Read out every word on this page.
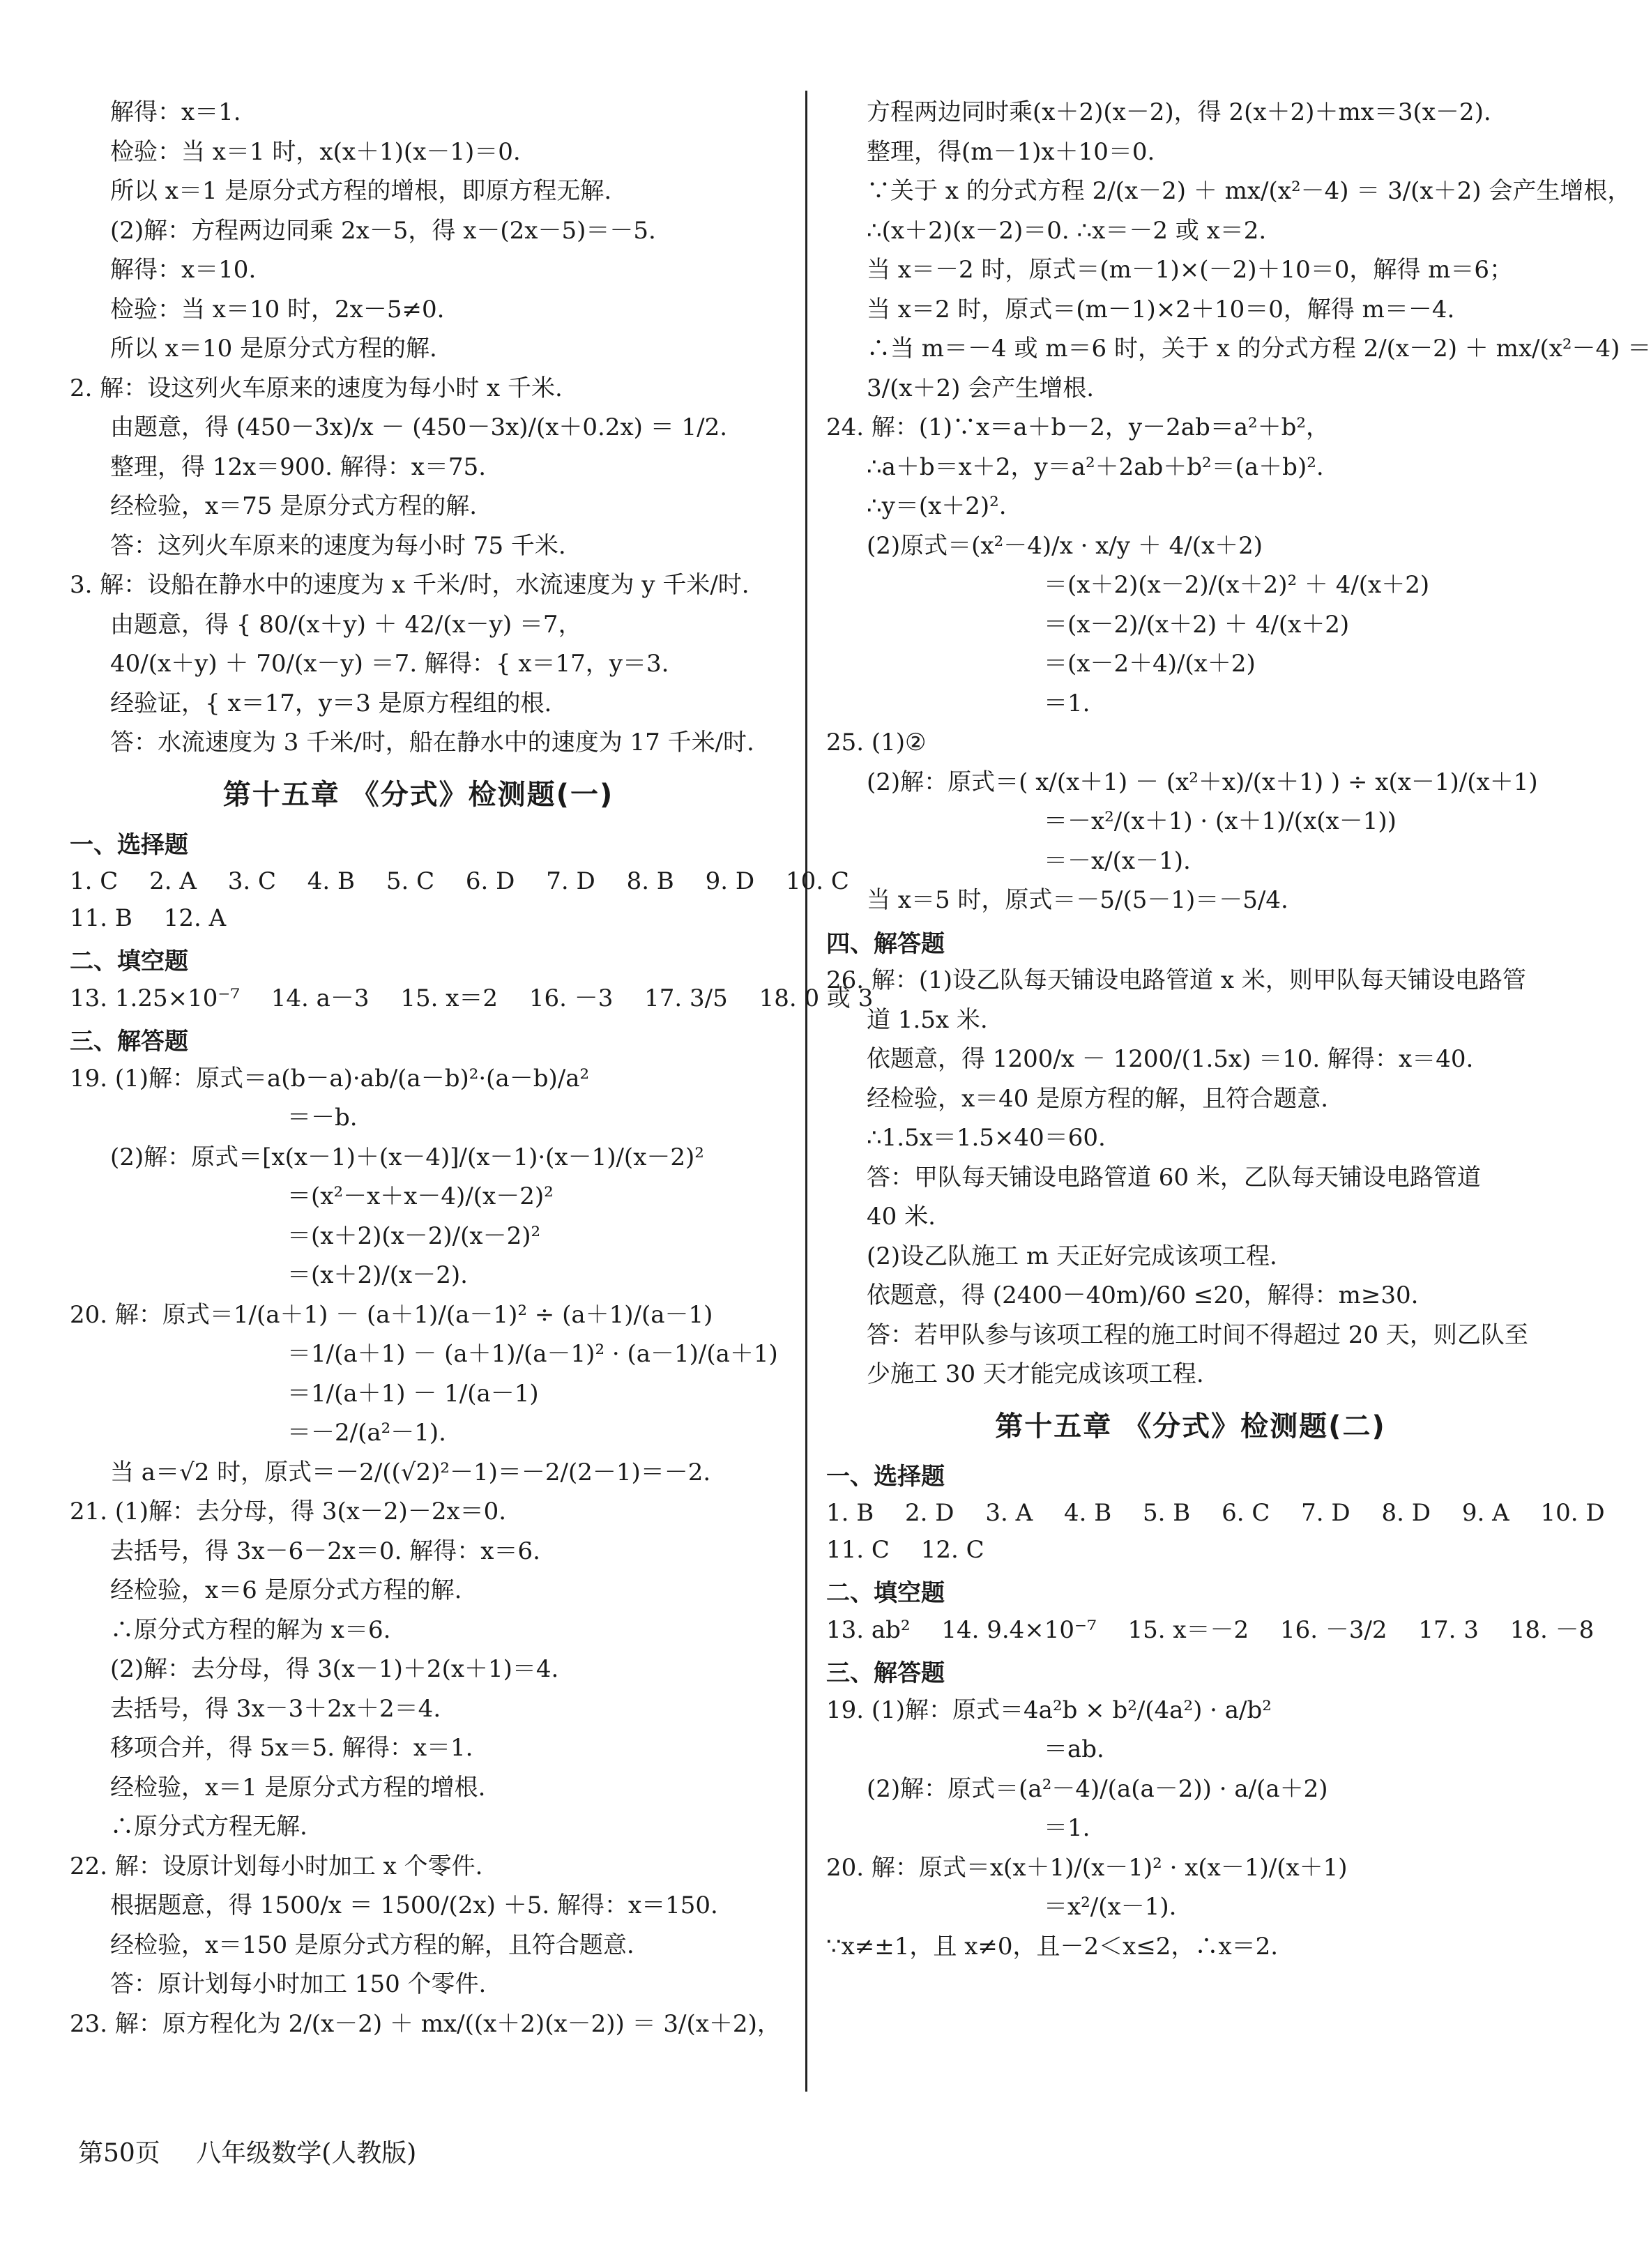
解得：x＝1.
检验：当 x＝1 时，x(x＋1)(x－1)＝0.
所以 x＝1 是原分式方程的增根，即原方程无解.
(2)解：方程两边同乘 2x－5，得 x－(2x－5)＝－5.
解得：x＝10.
检验：当 x＝10 时，2x－5≠0.
所以 x＝10 是原分式方程的解.
2. 解：设这列火车原来的速度为每小时 x 千米.
由题意，得 (450－3x)/x － (450－3x)/(x＋0.2x) ＝ 1/2.
整理，得 12x＝900. 解得：x＝75.
经检验，x＝75 是原分式方程的解.
答：这列火车原来的速度为每小时 75 千米.
3. 解：设船在静水中的速度为 x 千米/时，水流速度为 y 千米/时.
由题意，得 { 80/(x＋y) ＋ 42/(x－y) ＝7，
40/(x＋y) ＋ 70/(x－y) ＝7. 解得：{ x＝17，y＝3.
经验证，{ x＝17，y＝3 是原方程组的根.
答：水流速度为 3 千米/时，船在静水中的速度为 17 千米/时.
第十五章 《分式》检测题(一)
一、选择题
1. C 2. A 3. C 4. B 5. C 6. D 7. D 8. B 9. D 10. C
11. B 12. A
二、填空题
13. 1.25×10⁻⁷ 14. a－3 15. x＝2 16. －3 17. 3/5 18. 0 或 3
三、解答题
19. (1)解：原式＝a(b－a)·ab/(a－b)²·(a－b)/a²
＝－b.
(2)解：原式＝[x(x－1)＋(x－4)]/(x－1)·(x－1)/(x－2)²
＝(x²－x＋x－4)/(x－2)²
＝(x＋2)(x－2)/(x－2)²
＝(x＋2)/(x－2).
20. 解：原式＝1/(a＋1) － (a＋1)/(a－1)² ÷ (a＋1)/(a－1)
＝1/(a＋1) － (a＋1)/(a－1)² · (a－1)/(a＋1)
＝1/(a＋1) － 1/(a－1)
＝－2/(a²－1).
当 a＝√2 时，原式＝－2/((√2)²－1)＝－2/(2－1)＝－2.
21. (1)解：去分母，得 3(x－2)－2x＝0.
去括号，得 3x－6－2x＝0. 解得：x＝6.
经检验，x＝6 是原分式方程的解.
∴原分式方程的解为 x＝6.
(2)解：去分母，得 3(x－1)＋2(x＋1)＝4.
去括号，得 3x－3＋2x＋2＝4.
移项合并，得 5x＝5. 解得：x＝1.
经检验，x＝1 是原分式方程的增根.
∴原分式方程无解.
22. 解：设原计划每小时加工 x 个零件.
根据题意，得 1500/x ＝ 1500/(2x) ＋5. 解得：x＝150.
经检验，x＝150 是原分式方程的解，且符合题意.
答：原计划每小时加工 150 个零件.
23. 解：原方程化为 2/(x－2) ＋ mx/((x＋2)(x－2)) ＝ 3/(x＋2)，
方程两边同时乘(x＋2)(x－2)，得 2(x＋2)＋mx＝3(x－2).
整理，得(m－1)x＋10＝0.
∵关于 x 的分式方程 2/(x－2) ＋ mx/(x²－4) ＝ 3/(x＋2) 会产生增根，
∴(x＋2)(x－2)＝0. ∴x＝－2 或 x＝2.
当 x＝－2 时，原式＝(m－1)×(－2)＋10＝0，解得 m＝6；
当 x＝2 时，原式＝(m－1)×2＋10＝0，解得 m＝－4.
∴当 m＝－4 或 m＝6 时，关于 x 的分式方程 2/(x－2) ＋ mx/(x²－4) ＝
3/(x＋2) 会产生增根.
24. 解：(1)∵x＝a＋b－2，y－2ab＝a²＋b²，
∴a＋b＝x＋2，y＝a²＋2ab＋b²＝(a＋b)².
∴y＝(x＋2)².
(2)原式＝(x²－4)/x · x/y ＋ 4/(x＋2)
＝(x＋2)(x－2)/(x＋2)² ＋ 4/(x＋2)
＝(x－2)/(x＋2) ＋ 4/(x＋2)
＝(x－2＋4)/(x＋2)
＝1.
25. (1)②
(2)解：原式＝( x/(x＋1) － (x²＋x)/(x＋1) ) ÷ x(x－1)/(x＋1)
＝－x²/(x＋1) · (x＋1)/(x(x－1))
＝－x/(x－1).
当 x＝5 时，原式＝－5/(5－1)＝－5/4.
四、解答题
26. 解：(1)设乙队每天铺设电路管道 x 米，则甲队每天铺设电路管
道 1.5x 米.
依题意，得 1200/x － 1200/(1.5x) ＝10. 解得：x＝40.
经检验，x＝40 是原方程的解，且符合题意.
∴1.5x＝1.5×40＝60.
答：甲队每天铺设电路管道 60 米，乙队每天铺设电路管道
40 米.
(2)设乙队施工 m 天正好完成该项工程.
依题意，得 (2400－40m)/60 ≤20，解得：m≥30.
答：若甲队参与该项工程的施工时间不得超过 20 天，则乙队至
少施工 30 天才能完成该项工程.
第十五章 《分式》检测题(二)
一、选择题
1. B 2. D 3. A 4. B 5. B 6. C 7. D 8. D 9. A 10. D
11. C 12. C
二、填空题
13. ab² 14. 9.4×10⁻⁷ 15. x＝－2 16. －3/2 17. 3 18. －8
三、解答题
19. (1)解：原式＝4a²b × b²/(4a²) · a/b²
＝ab.
(2)解：原式＝(a²－4)/(a(a－2)) · a/(a＋2)
＝1.
20. 解：原式＝x(x＋1)/(x－1)² · x(x－1)/(x＋1)
＝x²/(x－1).
∵x≠±1，且 x≠0，且－2＜x≤2，∴x＝2.
第50页 八年级数学(人教版)
